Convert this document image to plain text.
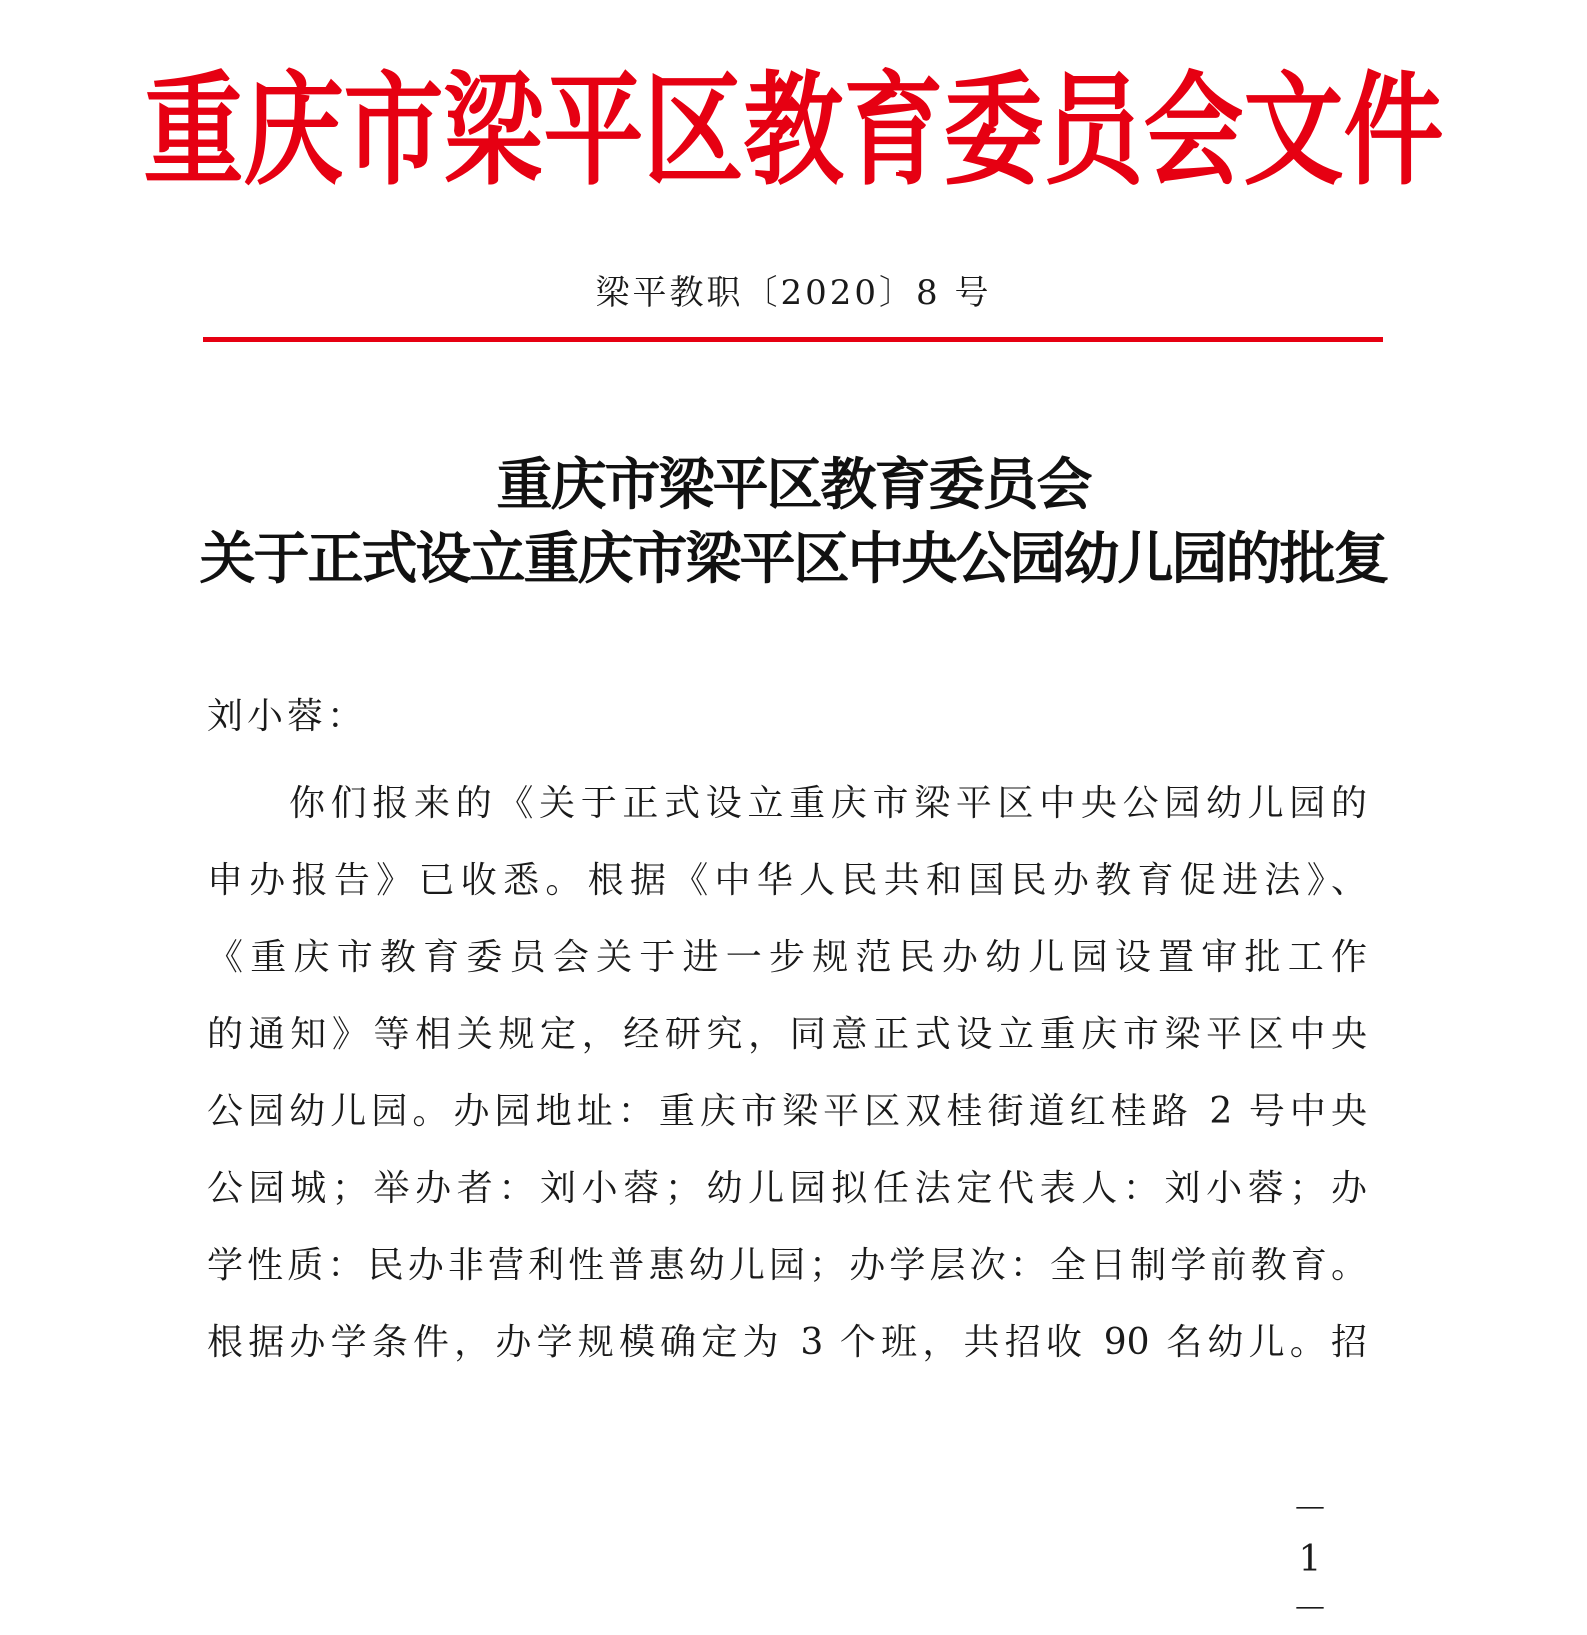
重庆市梁平区教育委员会文件
梁平教职〔2020〕8 号
重庆市梁平区教育委员会
关于正式设立重庆市梁平区中央公园幼儿园的批复
刘小蓉：
你们报来的《关于正式设立重庆市梁平区中央公园幼儿园的
申办报告》已收悉。根据《中华人民共和国民办教育促进法》、
《重庆市教育委员会关于进一步规范民办幼儿园设置审批工作
的通知》等相关规定，经研究，同意正式设立重庆市梁平区中央
公园幼儿园。办园地址：重庆市梁平区双桂街道红桂路 2 号中央
公园城；举办者：刘小蓉；幼儿园拟任法定代表人：刘小蓉；办
学性质：民办非营利性普惠幼儿园；办学层次：全日制学前教育。
根据办学条件，办学规模确定为 3 个班，共招收 90 名幼儿。招
－ 1 －
